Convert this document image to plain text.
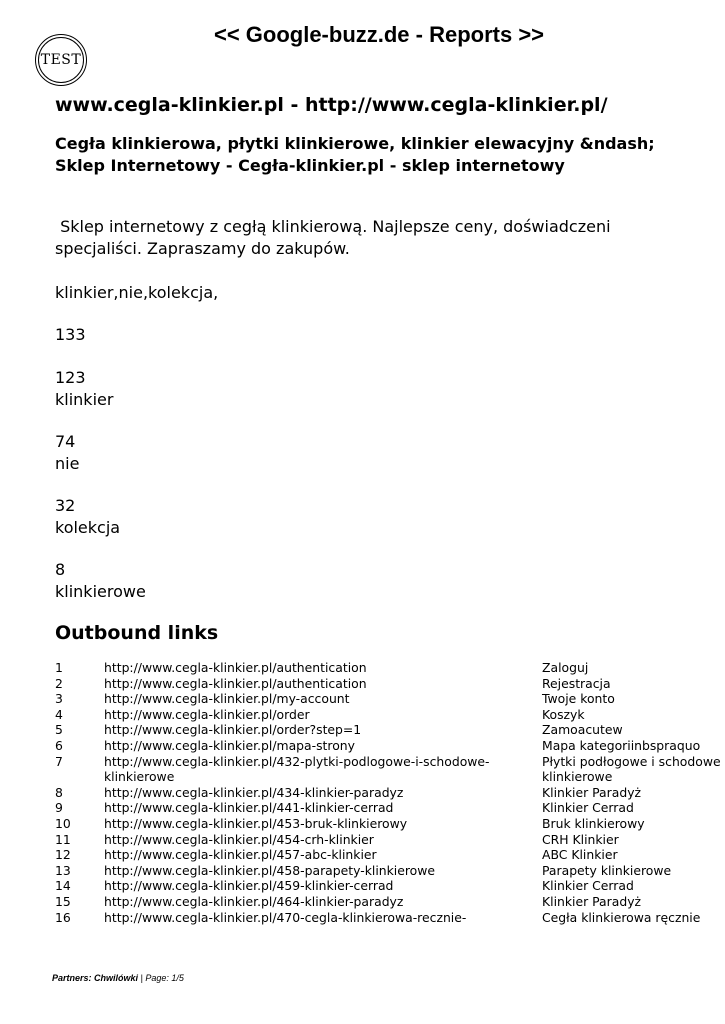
TEST
<< Google-buzz.de - Reports >>
www.cegla-klinkier.pl - http://www.cegla-klinkier.pl/
Cegła klinkierowa, płytki klinkierowe, klinkier elewacyjny &ndash; Sklep Internetowy - Cegła-klinkier.pl - sklep internetowy
Sklep internetowy z cegłą klinkierową. Najlepsze ceny, doświadczeni specjaliści. Zapraszamy do zakupów.
klinkier,nie,kolekcja,
133
123
klinkier
74
nie
32
kolekcja
8
klinkierowe
Outbound links
1	http://www.cegla-klinkier.pl/authentication	Zaloguj
2	http://www.cegla-klinkier.pl/authentication	Rejestracja
3	http://www.cegla-klinkier.pl/my-account	Twoje konto
4	http://www.cegla-klinkier.pl/order	Koszyk
5	http://www.cegla-klinkier.pl/order?step=1	Zamoacutew
6	http://www.cegla-klinkier.pl/mapa-strony	Mapa kategoriinbspraquo
7	http://www.cegla-klinkier.pl/432-plytki-podlogowe-i-schodowe-klinkierowe	Płytki podłogowe i schodowe klinkierowe
8	http://www.cegla-klinkier.pl/434-klinkier-paradyz	Klinkier Paradyż
9	http://www.cegla-klinkier.pl/441-klinkier-cerrad	Klinkier Cerrad
10	http://www.cegla-klinkier.pl/453-bruk-klinkierowy	Bruk klinkierowy
11	http://www.cegla-klinkier.pl/454-crh-klinkier	CRH Klinkier
12	http://www.cegla-klinkier.pl/457-abc-klinkier	ABC Klinkier
13	http://www.cegla-klinkier.pl/458-parapety-klinkierowe	Parapety klinkierowe
14	http://www.cegla-klinkier.pl/459-klinkier-cerrad	Klinkier Cerrad
15	http://www.cegla-klinkier.pl/464-klinkier-paradyz	Klinkier Paradyż
16	http://www.cegla-klinkier.pl/470-cegla-klinkierowa-recznie-	Cegła klinkierowa ręcznie
Partners: Chwilówki | Page: 1/5
